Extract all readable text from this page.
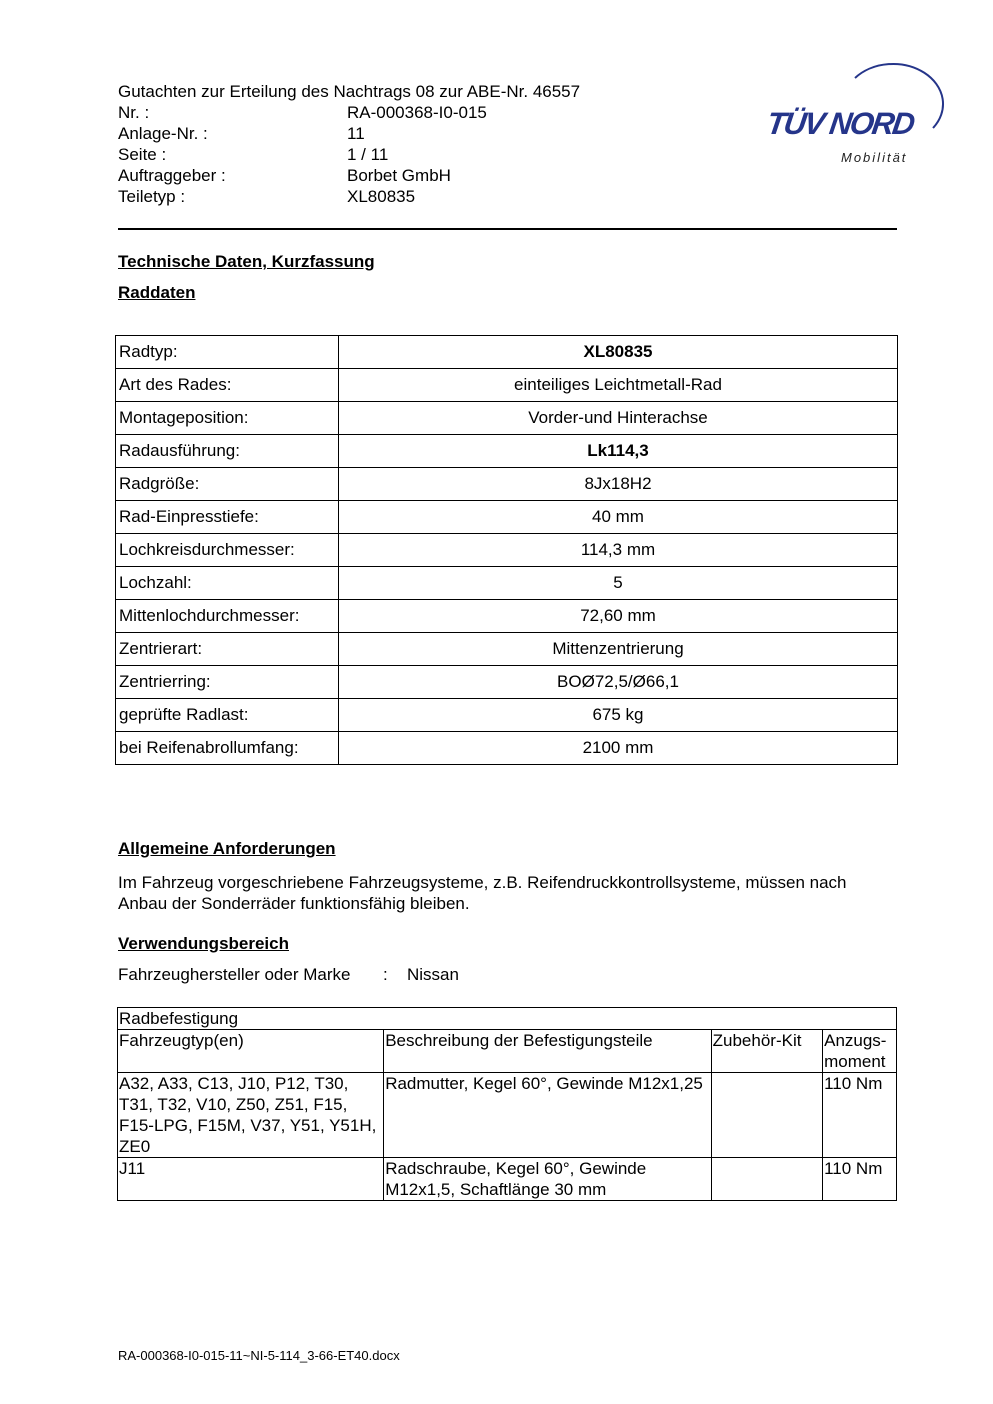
Gutachten zur Erteilung des Nachtrags 08 zur ABE-Nr. 46557
Nr. :	RA-000368-I0-015
Anlage-Nr. :	11
Seite :	1 / 11
Auftraggeber :	Borbet GmbH
Teiletyp :	XL80835
TÜV NORD
Mobilität
Technische Daten, Kurzfassung
Raddaten
Radtyp:	XL80835
Art des Rades:	einteiliges Leichtmetall-Rad
Montageposition:	Vorder-und Hinterachse
Radausführung:	Lk114,3
Radgröße:	8Jx18H2
Rad-Einpresstiefe:	40 mm
Lochkreisdurchmesser:	114,3 mm
Lochzahl:	5
Mittenlochdurchmesser:	72,60 mm
Zentrierart:	Mittenzentrierung
Zentrierring:	BOØ72,5/Ø66,1
geprüfte Radlast:	675 kg
bei Reifenabrollumfang:	2100 mm
Allgemeine Anforderungen
Im Fahrzeug vorgeschriebene Fahrzeugsysteme, z.B. Reifendruckkontrollsysteme, müssen nach Anbau der Sonderräder funktionsfähig bleiben.
Verwendungsbereich
Fahrzeughersteller oder Marke : Nissan
Radbefestigung			
Fahrzeugtyp(en)	Beschreibung der Befestigungsteile	Zubehör-Kit	Anzugs-moment
A32, A33, C13, J10, P12, T30, T31, T32, V10, Z50, Z51, F15, F15-LPG, F15M, V37, Y51, Y51H, ZE0	Radmutter, Kegel 60°, Gewinde M12x1,25		110 Nm
J11	Radschraube, Kegel 60°, Gewinde M12x1,5, Schaftlänge 30 mm		110 Nm
RA-000368-I0-015-11~NI-5-114_3-66-ET40.docx
